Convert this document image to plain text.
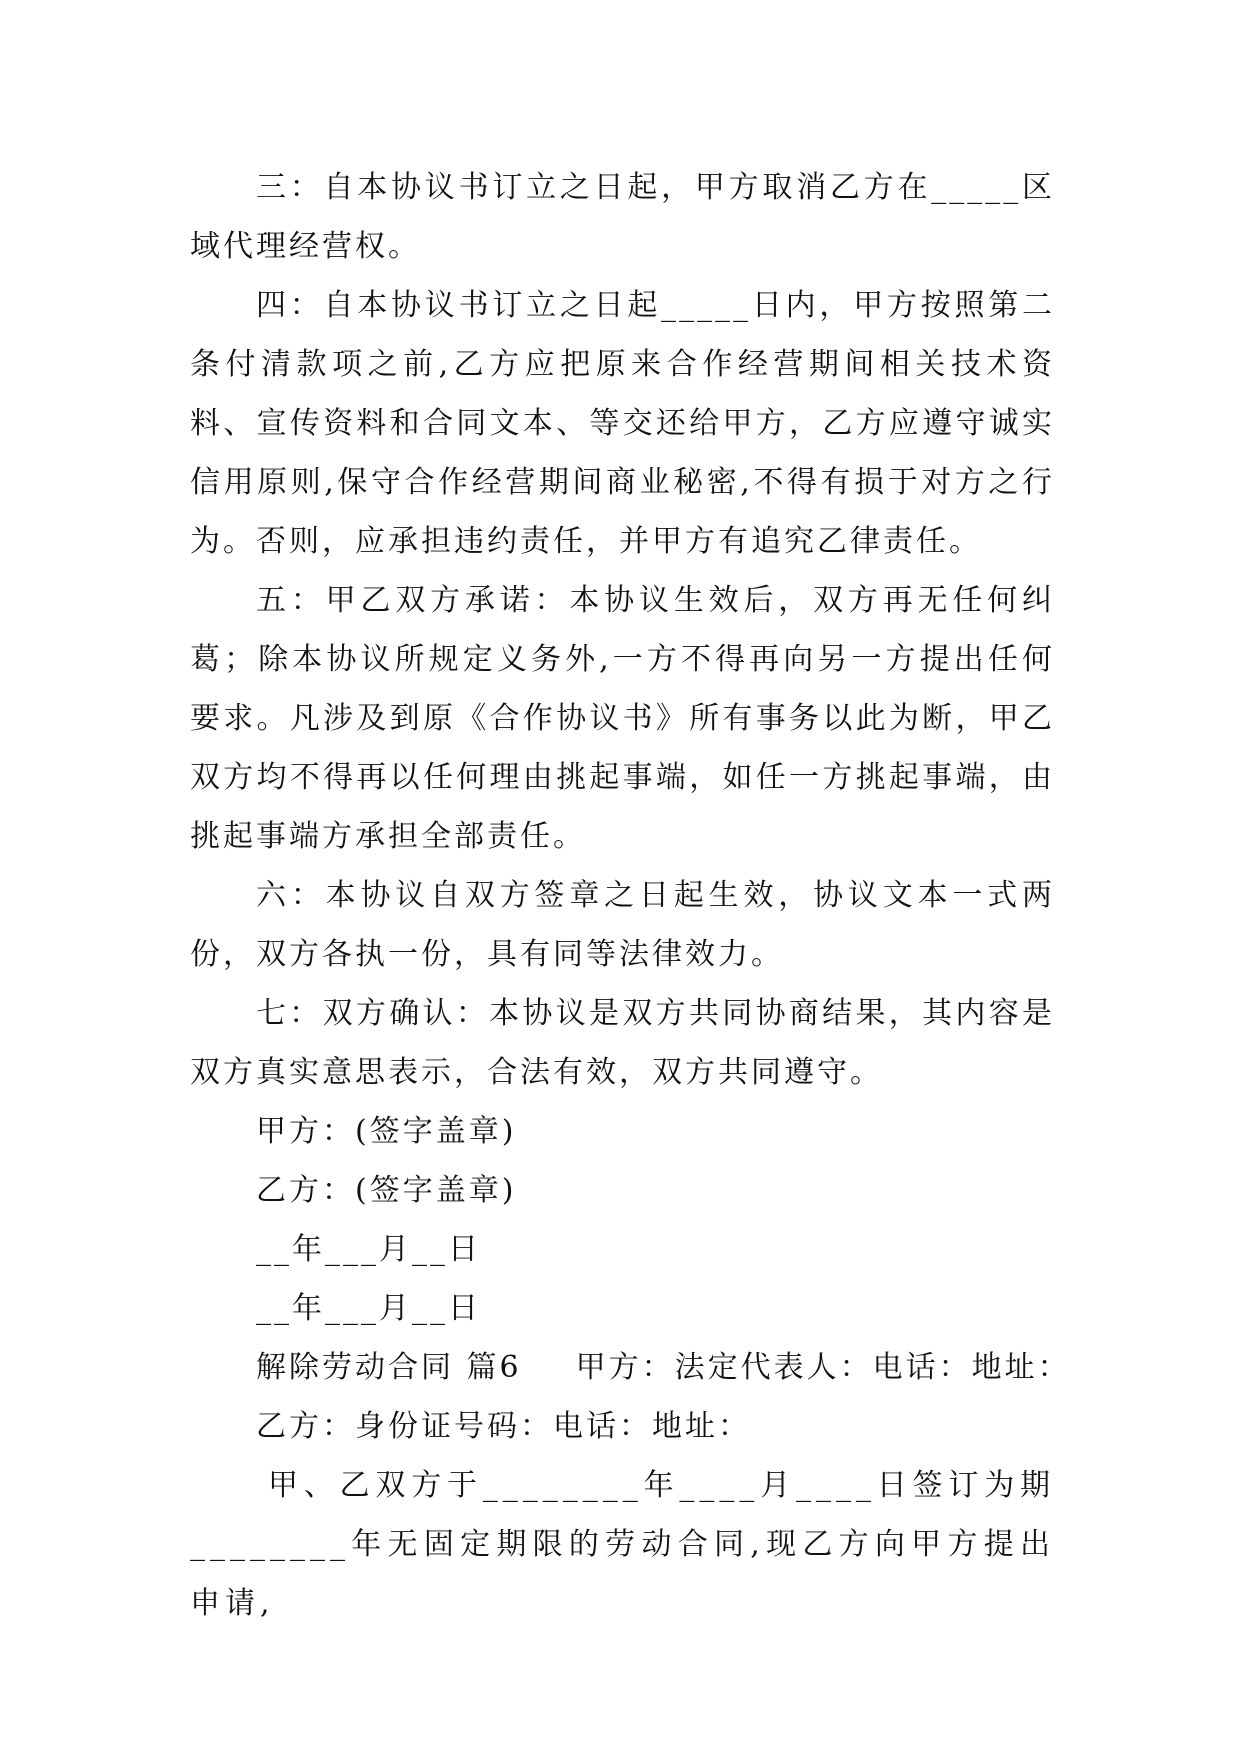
三：自本协议书订立之日起，甲方取消乙方在_____区域代理经营权。

四：自本协议书订立之日起_____日内，甲方按照第二条付清款项之前,乙方应把原来合作经营期间相关技术资料、宣传资料和合同文本、等交还给甲方，乙方应遵守诚实信用原则,保守合作经营期间商业秘密,不得有损于对方之行为。否则，应承担违约责任，并甲方有追究乙律责任。

五：甲乙双方承诺：本协议生效后，双方再无任何纠葛；除本协议所规定义务外,一方不得再向另一方提出任何要求。凡涉及到原《合作协议书》所有事务以此为断，甲乙双方均不得再以任何理由挑起事端，如任一方挑起事端，由挑起事端方承担全部责任。

六：本协议自双方签章之日起生效，协议文本一式两份，双方各执一份，具有同等法律效力。

七：双方确认：本协议是双方共同协商结果，其内容是双方真实意思表示，合法有效，双方共同遵守。

甲方：(签字盖章)

乙方：(签字盖章)

__年___月__日

__年___月__日

解除劳动合同 篇6 甲方：法定代表人：电话：地址：

乙方：身份证号码：电话：地址：

甲、乙双方于________年____月____日签订为期________年无固定期限的劳动合同,现乙方向甲方提出申请,
